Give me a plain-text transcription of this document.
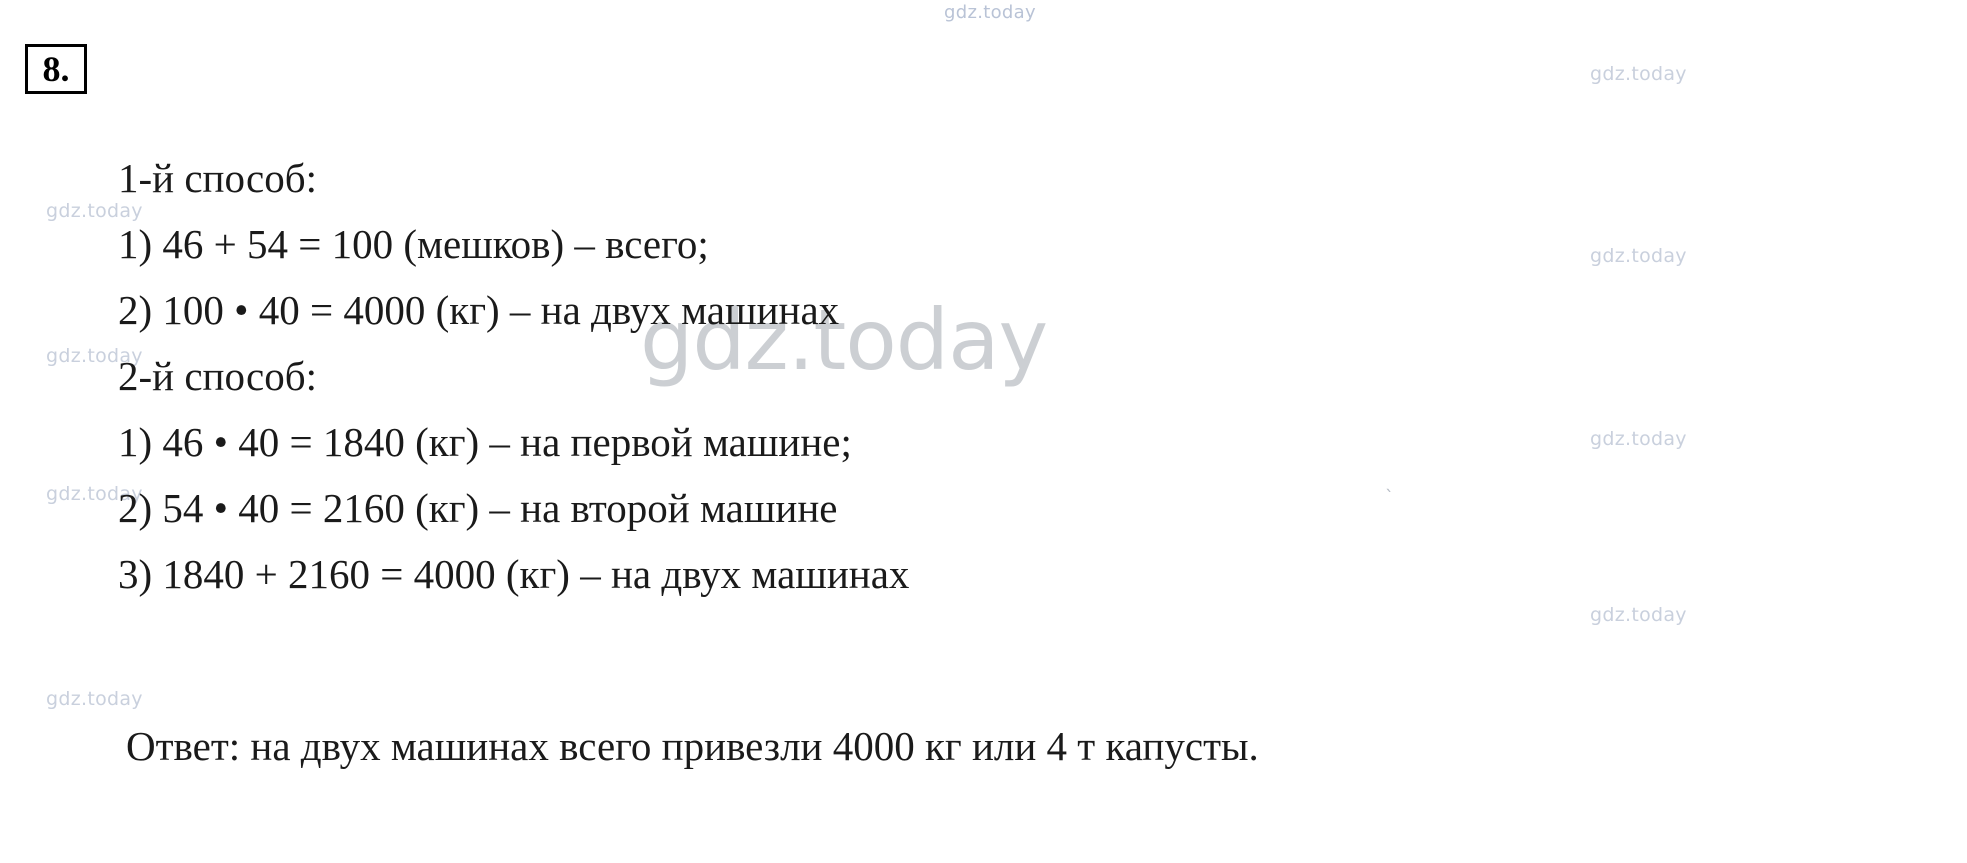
gdz.today
gdz.today
gdz.today
gdz.today
gdz.today
gdz.today
gdz.today
gdz.today
gdz.today
gdz.today
`
8.
1-й способ:
1) 46 + 54 = 100 (мешков) – всего;
2) 100 • 40 = 4000 (кг) – на двух машинах
2-й способ:
1) 46 • 40 = 1840 (кг) – на первой машине;
2) 54 • 40 = 2160 (кг) – на второй машине
3) 1840 + 2160 = 4000 (кг) – на двух машинах
Ответ: на двух машинах всего привезли 4000 кг или 4 т капусты.
